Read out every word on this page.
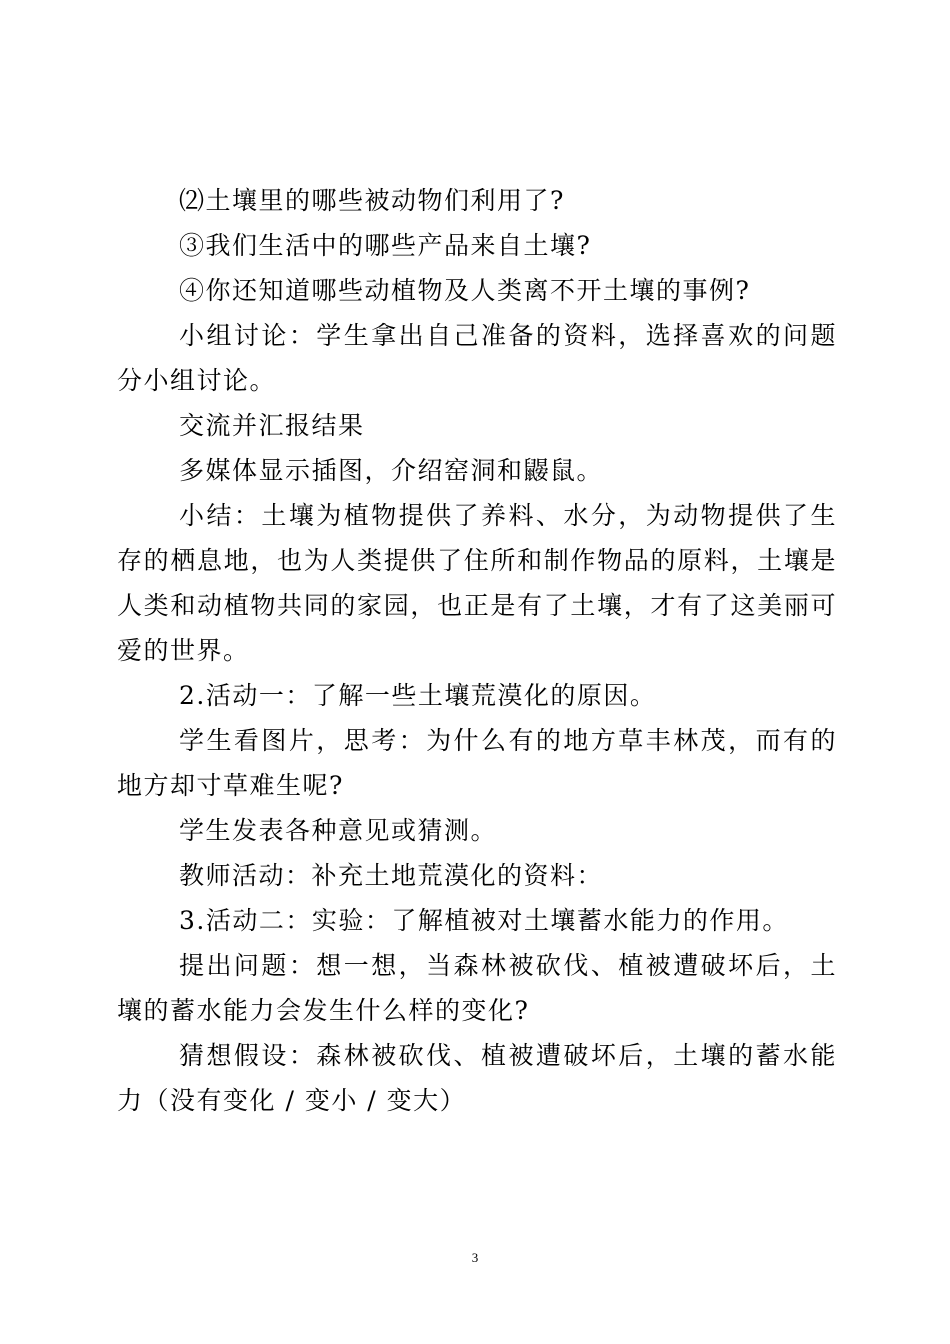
⑵土壤里的哪些被动物们利用了?

③我们生活中的哪些产品来自土壤?

④你还知道哪些动植物及人类离不开土壤的事例?

小组讨论：学生拿出自己准备的资料，选择喜欢的问题分小组讨论。

交流并汇报结果

多媒体显示插图，介绍窑洞和鼹鼠。

小结：土壤为植物提供了养料、水分，为动物提供了生存的栖息地，也为人类提供了住所和制作物品的原料，土壤是人类和动植物共同的家园，也正是有了土壤，才有了这美丽可爱的世界。

2.活动一：了解一些土壤荒漠化的原因。

学生看图片，思考：为什么有的地方草丰林茂，而有的地方却寸草难生呢?

学生发表各种意见或猜测。

教师活动：补充土地荒漠化的资料：

3.活动二：实验：了解植被对土壤蓄水能力的作用。

提出问题：想一想，当森林被砍伐、植被遭破坏后，土壤的蓄水能力会发生什么样的变化?

猜想假设：森林被砍伐、植被遭破坏后，土壤的蓄水能力（没有变化 / 变小 / 变大）

3
